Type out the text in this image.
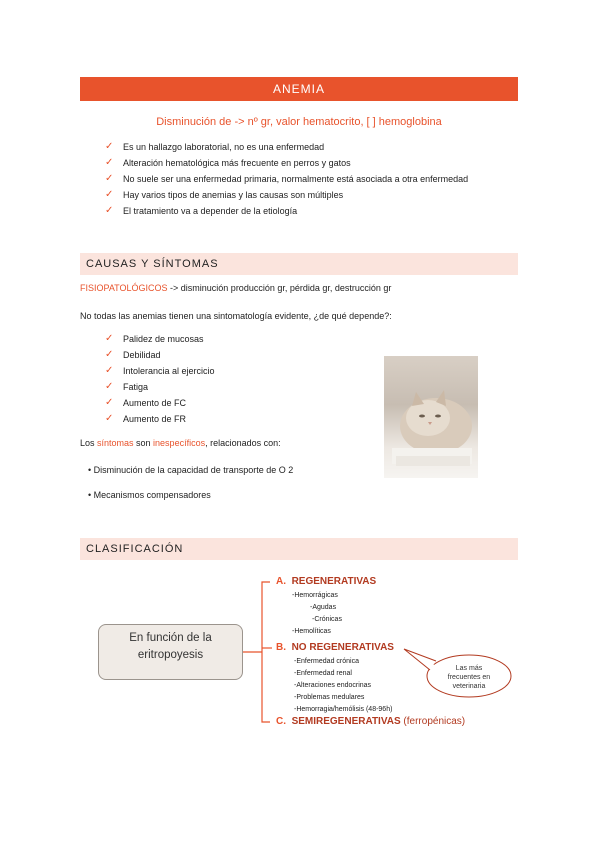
ANEMIA
Disminución de -> nº gr, valor hematocrito, [ ] hemoglobina
✓ Es un hallazgo laboratorial, no es una enfermedad
✓ Alteración hematológica más frecuente en perros y gatos
✓ No suele ser una enfermedad primaria, normalmente está asociada a otra enfermedad
✓ Hay varios tipos de anemias y las causas son múltiples
✓ El tratamiento va a depender de la etiología
CAUSAS Y SÍNTOMAS
FISIOPATOLÓGICOS -> disminución producción gr, pérdida gr, destrucción gr
No todas las anemias tienen una sintomatología evidente, ¿de qué depende?:
✓ Palidez de mucosas
✓ Debilidad
✓ Intolerancia al ejercicio
✓ Fatiga
✓ Aumento de FC
✓ Aumento de FR
Los síntomas son inespecíficos, relacionados con:
• Disminución de la capacidad de transporte de O 2
• Mecanismos compensadores
CLASIFICACIÓN
En función de la
eritropoyesis
A. REGENERATIVAS
-Hemorrágicas
-Agudas
-Crónicas
-Hemolíticas
B. NO REGENERATIVAS
-Enfermedad crónica
-Enfermedad renal
-Alteraciones endocrinas
-Problemas medulares
-Hemorragia/hemólisis (48-96h)
Las más
frecuentes en
veterinaria
C. SEMIREGENERATIVAS (ferropénicas)
